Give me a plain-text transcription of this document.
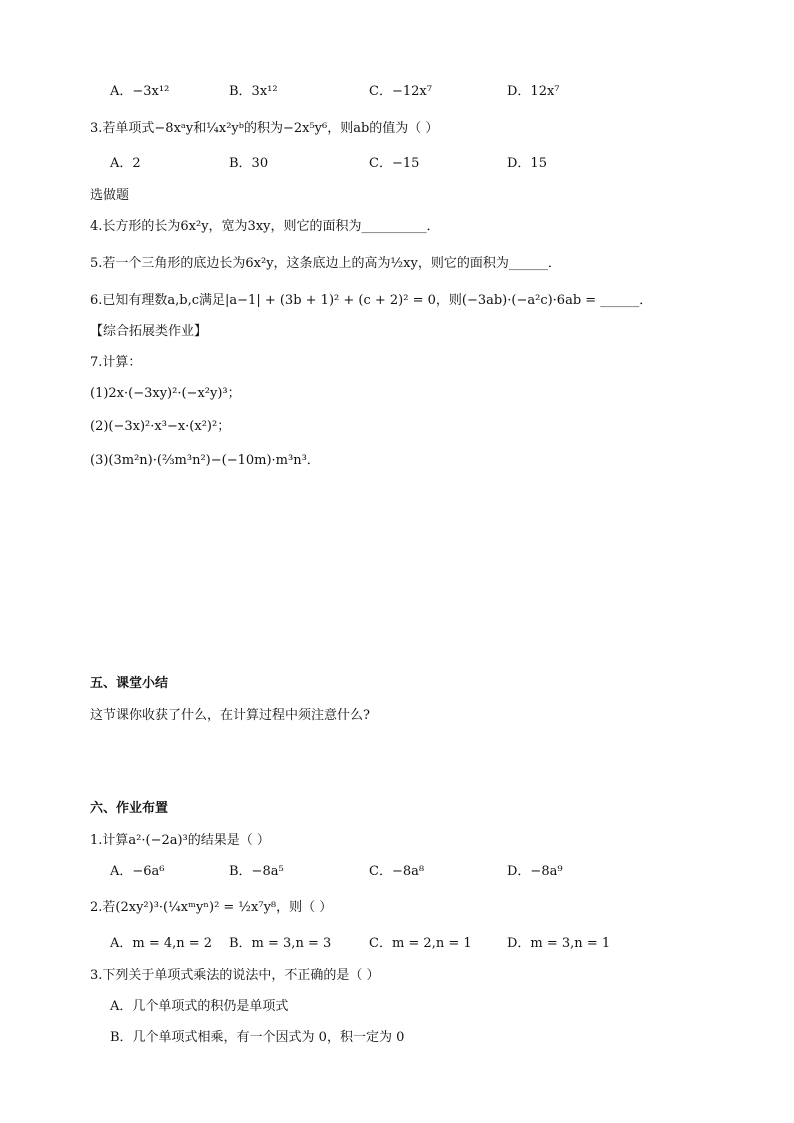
A．−3x¹²	B．3x¹²	C．−12x⁷	D．12x⁷
3.若单项式−8xᵃy和¼x²yᵇ的积为−2x⁵y⁶，则ab的值为（ ）
A．2	B．30	C．−15	D．15
选做题
4.长方形的长为6x²y，宽为3xy，则它的面积为__________．
5.若一个三角形的底边长为6x²y，这条底边上的高为½xy，则它的面积为______．
6.已知有理数a,b,c满足|a−1| + (3b + 1)² + (c + 2)² = 0，则(−3ab)·(−a²c)·6ab = ______．
【综合拓展类作业】
7.计算：
(1)2x·(−3xy)²·(−x²y)³；
(2)(−3x)²·x³−x·(x²)²；
(3)(3m²n)·(⅔m³n²)−(−10m)·m³n³．
五、课堂小结
这节课你收获了什么，在计算过程中须注意什么?
六、作业布置
1.计算a²·(−2a)³的结果是（ ）
A．−6a⁶	B．−8a⁵	C．−8a⁸	D．−8a⁹
2.若(2xy²)³·(¼xᵐyⁿ)² = ½x⁷y⁸，则（ ）
A．m = 4,n = 2 B．m = 3,n = 3	C．m = 2,n = 1	D．m = 3,n = 1
3.下列关于单项式乘法的说法中，不正确的是（ ）
A．几个单项式的积仍是单项式
B．几个单项式相乘，有一个因式为 0，积一定为 0
